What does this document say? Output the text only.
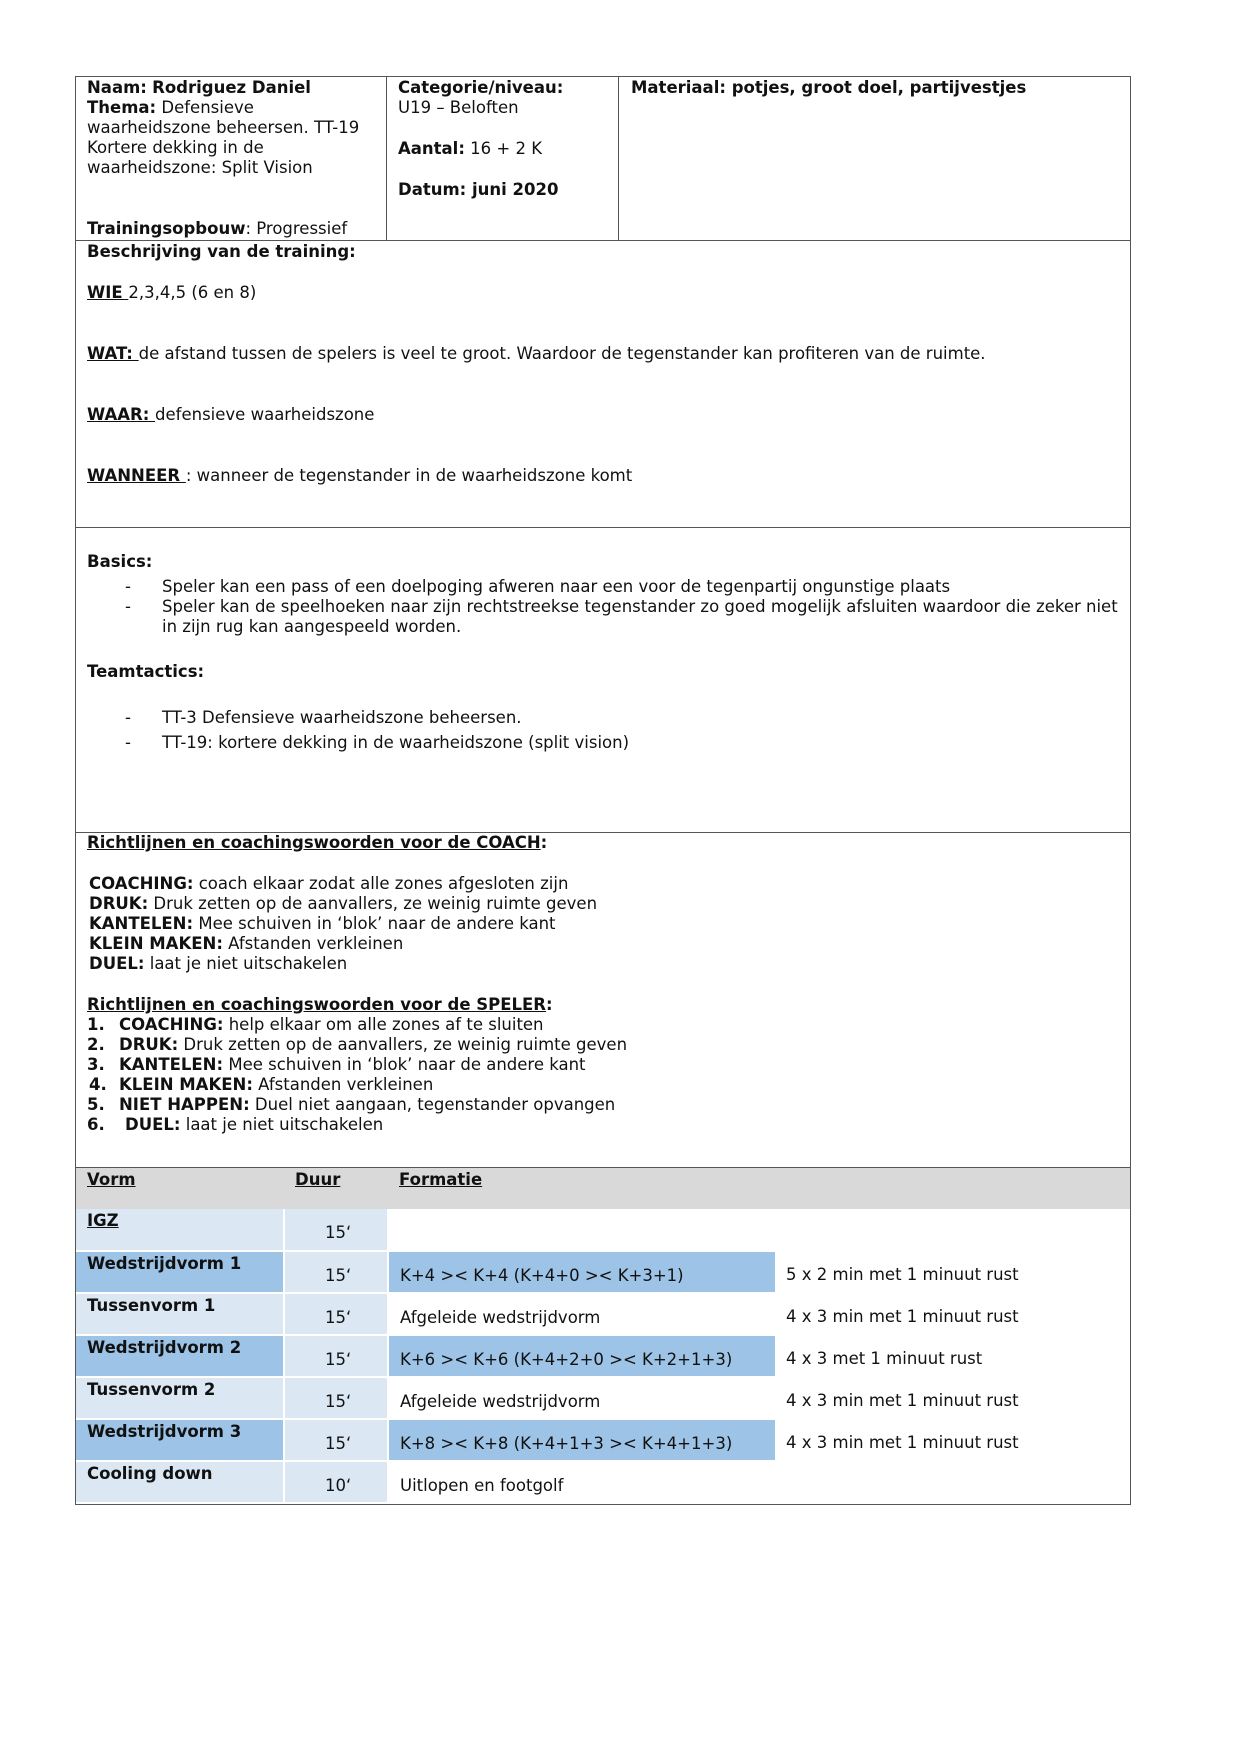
Naam: Rodriguez Daniel
Thema: Defensieve waarheidszone beheersen. TT-19 Kortere dekking in de waarheidszone: Split Vision
Trainingsopbouw: Progressief
Categorie/niveau:
U19 – Beloften
Aantal: 16 + 2 K
Datum: juni 2020
Materiaal: potjes, groot doel, partijvestjes

Beschrijving van de training:

WIE 2,3,4,5 (6 en 8)

WAT: de afstand tussen de spelers is veel te groot. Waardoor de tegenstander kan profiteren van de ruimte.

WAAR: defensieve waarheidszone

WANNEER : wanneer de tegenstander in de waarheidszone komt

Basics:
- Speler kan een pass of een doelpoging afweren naar een voor de tegenpartij ongunstige plaats
- Speler kan de speelhoeken naar zijn rechtstreekse tegenstander zo goed mogelijk afsluiten waardoor die zeker niet in zijn rug kan aangespeeld worden.
Teamtactics:
- TT-3 Defensieve waarheidszone beheersen.
- TT-19: kortere dekking in de waarheidszone (split vision)
Richtlijnen en coachingswoorden voor de COACH:

COACHING: coach elkaar zodat alle zones afgesloten zijn

DRUK: Druk zetten op de aanvallers, ze weinig ruimte geven

KANTELEN: Mee schuiven in ‘blok’ naar de andere kant

KLEIN MAKEN: Afstanden verkleinen

DUEL: laat je niet uitschakelen

Richtlijnen en coachingswoorden voor de SPELER:
1. COACHING: help elkaar om alle zones af te sluiten
2. DRUK: Druk zetten op de aanvallers, ze weinig ruimte geven
3. KANTELEN: Mee schuiven in ‘blok’ naar de andere kant
4. KLEIN MAKEN: Afstanden verkleinen
5. NIET HAPPEN: Duel niet aangaan, tegenstander opvangen
6.	DUEL: laat je niet uitschakelen
Vorm	Duur	Formatie	
IGZ	15‘		
Wedstrijdvorm 1	15‘	K+4 >< K+4 (K+4+0 >< K+3+1)	5 x 2 min met 1 minuut rust
Tussenvorm 1	15‘	Afgeleide wedstrijdvorm	4 x 3 min met 1 minuut rust
Wedstrijdvorm 2	15‘	K+6 >< K+6 (K+4+2+0 >< K+2+1+3)	4 x 3 met 1 minuut rust
Tussenvorm 2	15‘	Afgeleide wedstrijdvorm	4 x 3 min met 1 minuut rust
Wedstrijdvorm 3	15‘	K+8 >< K+8 (K+4+1+3 >< K+4+1+3)	4 x 3 min met 1 minuut rust
Cooling down	10‘	Uitlopen en footgolf	
